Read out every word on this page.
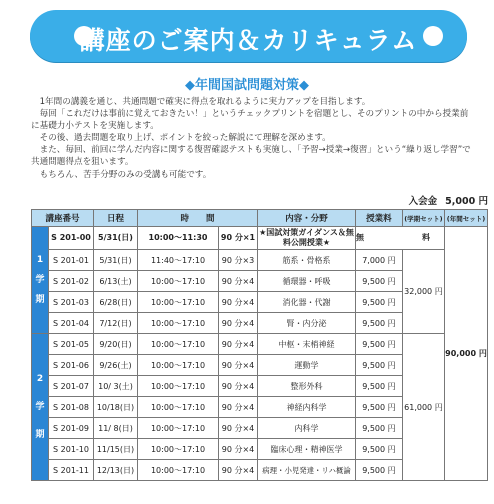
講座のご案内＆カリキュラム
◆年間国試問題対策◆

　1年間の講義を通じ、共通問題で確実に得点を取れるように実力アップを目指します。

　毎回「これだけは事前に覚えておきたい！」というチェックプリントを宿題とし、そのプリントの中から授業前に基礎力小テストを実施します。

　その後、過去問題を取り上げ、ポイントを絞った解説にて理解を深めます。

　また、毎回、前回に学んだ内容に関する復習確認テストも実施し、「予習→授業→復習」という“繰り返し学習”で共通問題得点を狙います。

　もちろん、苦手分野のみの受講も可能です。

入会金 5,000 円
講座番号		日程	時　　間		内容・分野	授業料	(学期セット)	(年間セット)
1

学

期	S 201-00	5/31(日)	10:00～11:30	90 分×1	★国試対策ガイダンス＆無料公開授業★	無　　料		90,000 円
	S 201-01	5/31(日)	11:40～17:10	90 分×3	筋系・骨格系	7,000 円	32,000 円	
	S 201-02	6/13(土)	10:00～17:10	90 分×4	循環器・呼吸	9,500 円		
	S 201-03	6/28(日)	10:00～17:10	90 分×4	消化器・代謝	9,500 円		
	S 201-04	7/12(日)	10:00～17:10	90 分×4	腎・内分泌	9,500 円		
2

学

期	S 201-05	9/20(日)	10:00～17:10	90 分×4	中枢・末梢神経	9,500 円	61,000 円	
	S 201-06	9/26(土)	10:00～17:10	90 分×4	運動学	9,500 円		
	S 201-07	10/ 3(土)	10:00～17:10	90 分×4	整形外科	9,500 円		
	S 201-08	10/18(日)	10:00～17:10	90 分×4	神経内科学	9,500 円		
	S 201-09	11/ 8(日)	10:00～17:10	90 分×4	内科学	9,500 円		
	S 201-10	11/15(日)	10:00～17:10	90 分×4	臨床心理・精神医学	9,500 円		
	S 201-11	12/13(日)	10:00～17:10	90 分×4	病理・小児発達・リハ概論	9,500 円		
